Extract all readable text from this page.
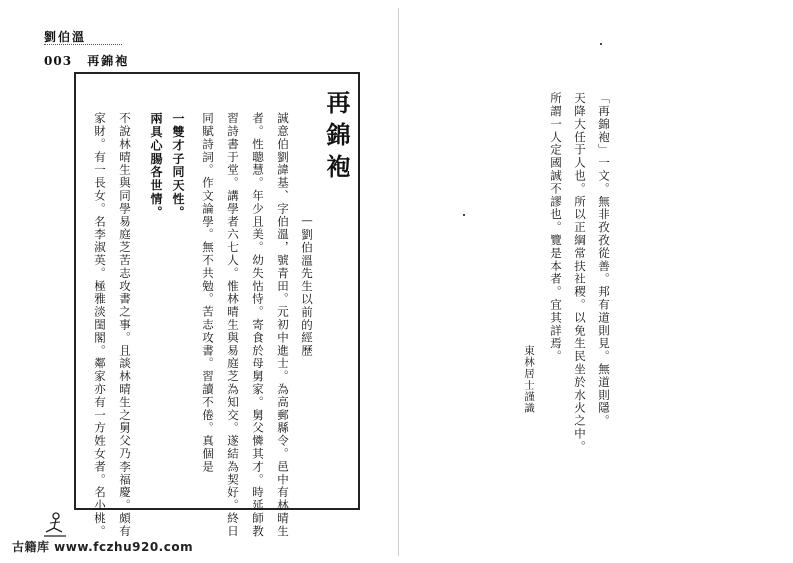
劉伯溫
003 再錦袍
再錦袍
—劉伯溫先生以前的經歷
誠意伯劉諱基、字伯溫，號青田。元初中進士。為高郵縣令。邑中有林晴生
者。性聰慧。年少且美。幼失怙恃。寄食於母舅家。舅父憐其才。時延師教
習詩書于堂。講學者六七人。惟林晴生與易庭芝為知交。遂結為契好。終日
同賦詩詞。作文論學。無不共勉。苦志攻書。習讀不倦。真個是
一雙才子同天性。
兩具心腸各世情。
不說林晴生與同學易庭芝苦志攻書之事。且談林晴生之舅父乃李福慶。頗有
家財。有一長女。名李淑英。極雅淡閨閣。鄰家亦有一方姓女者。名小桃。	「再錦袍」一文。無非孜孜從善。邦有道則見。無道則隱。
天降大任于人也。所以正綱常扶社稷。以免生民坐於水火之中。
所謂一人定國誠不謬也。覽是本者。宜其詳焉。
東林居士謹識
古籍库 www.fczhu920.com
